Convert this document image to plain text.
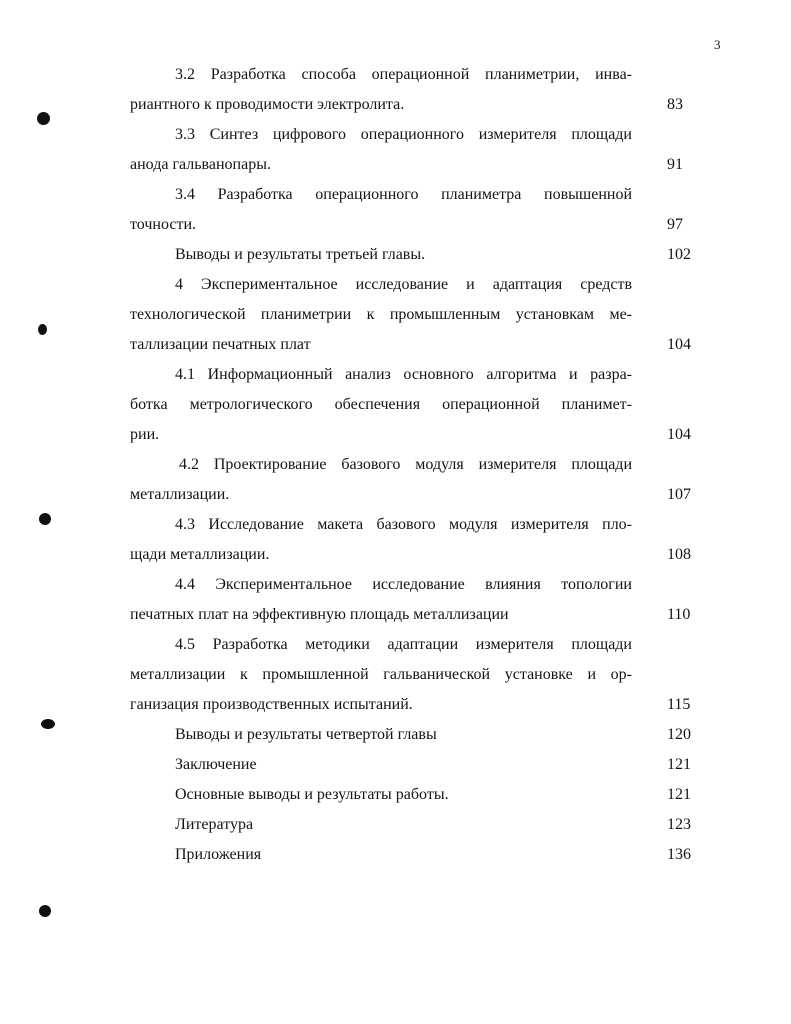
3
3.2 Разработка способа операционной планиметрии, инва-
риантного к проводимости электролита.	83
3.3 Синтез цифрового операционного измерителя площади
анода гальванопары.	91
3.4 Разработка операционного планиметра повышенной
точности.	97
Выводы и результаты третьей главы.	102
4 Экспериментальное исследование и адаптация средств
технологической планиметрии к промышленным установкам ме-
таллизации печатных плат	104
4.1 Информационный анализ основного алгоритма и разра-
ботка метрологического обеспечения операционной планимет-
рии.	104
4.2 Проектирование базового модуля измерителя площади
металлизации.	107
4.3 Исследование макета базового модуля измерителя пло-
щади металлизации.	108
4.4 Экспериментальное исследование влияния топологии
печатных плат на эффективную площадь металлизации	110
4.5 Разработка методики адаптации измерителя площади
металлизации к промышленной гальванической установке и ор-
ганизация производственных испытаний.	115
Выводы и результаты четвертой главы	120
Заключение	121
Основные выводы и результаты работы.	121
Литература	123
Приложения	136
